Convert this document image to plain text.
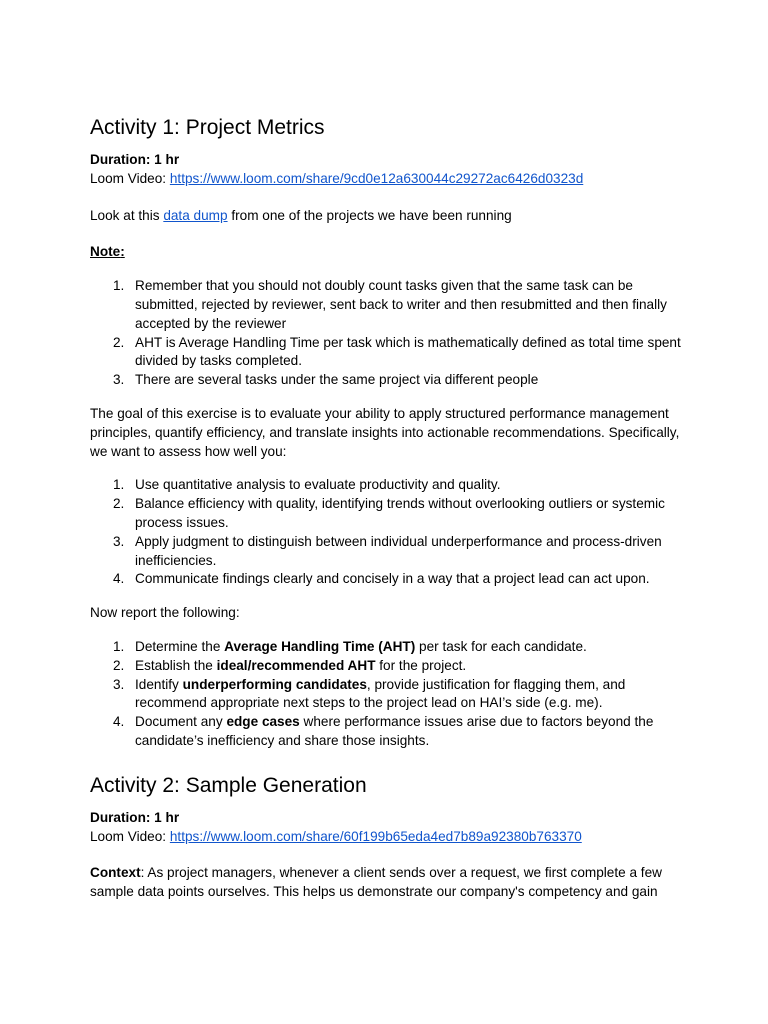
Activity 1: Project Metrics

Duration: 1 hr

Loom Video: https://www.loom.com/share/9cd0e12a630044c29272ac6426d0323d

Look at this data dump from one of the projects we have been running

Note:

1. Remember that you should not doubly count tasks given that the same task can be submitted, rejected by reviewer, sent back to writer and then resubmitted and then finally accepted by the reviewer
2. AHT is Average Handling Time per task which is mathematically defined as total time spent divided by tasks completed.
3. There are several tasks under the same project via different people

The goal of this exercise is to evaluate your ability to apply structured performance management principles, quantify efficiency, and translate insights into actionable recommendations. Specifically, we want to assess how well you:

1. Use quantitative analysis to evaluate productivity and quality.
2. Balance efficiency with quality, identifying trends without overlooking outliers or systemic process issues.
3. Apply judgment to distinguish between individual underperformance and process-driven inefficiencies.
4. Communicate findings clearly and concisely in a way that a project lead can act upon.

Now report the following:

1. Determine the Average Handling Time (AHT) per task for each candidate.
2. Establish the ideal/recommended AHT for the project.
3. Identify underperforming candidates, provide justification for flagging them, and recommend appropriate next steps to the project lead on HAI’s side (e.g. me).
4. Document any edge cases where performance issues arise due to factors beyond the candidate’s inefficiency and share those insights.
Activity 2: Sample Generation

Duration: 1 hr

Loom Video: https://www.loom.com/share/60f199b65eda4ed7b89a92380b763370

Context: As project managers, whenever a client sends over a request, we first complete a few sample data points ourselves. This helps us demonstrate our company's competency and gain
